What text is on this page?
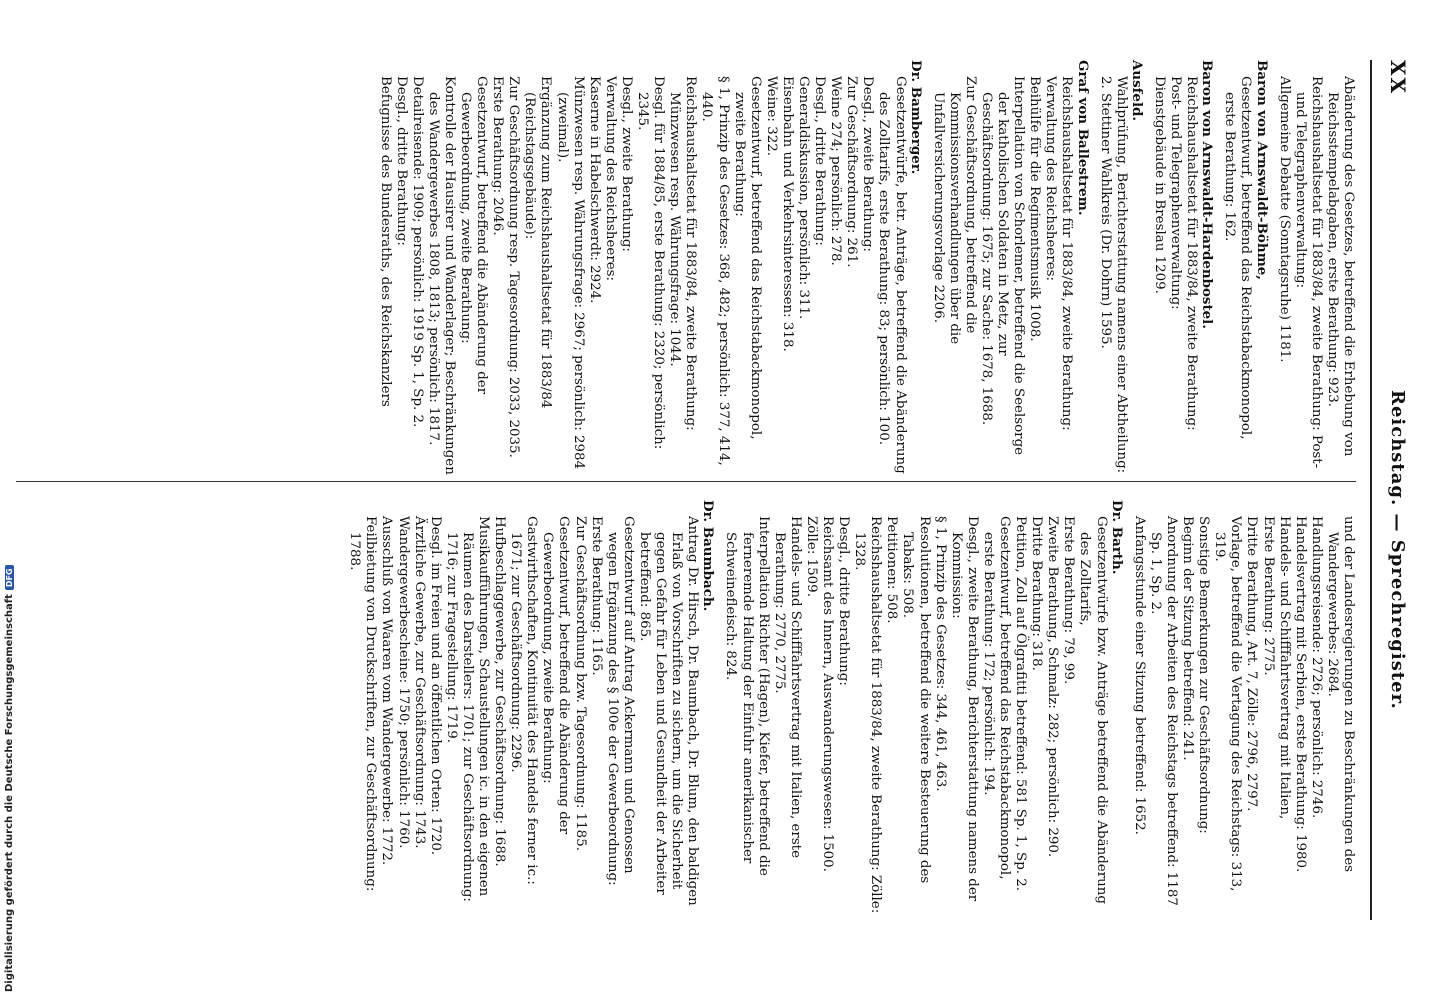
XX
Reichstag. — Sprechregister.
Abänderung des Gesetzes, betreffend die Erhebung von Reichsstempelabgaben, erste Berathung: 923.
Reichshaushaltsetat für 1883/84, zweite Berathung: Post- und Telegraphenverwaltung:
Allgemeine Debatte (Sonntagsruhe) 1181.
Baron von Arnswaldt-Böhme,
Gesetzentwurf, betreffend das Reichstabackmonopol, erste Berathung: 162.
Baron von Arnswaldt-Hardenbostel.
Reichshaushaltsetat für 1883/84, zweite Berathung:
Post- und Telegraphenverwaltung:
Dienstgebäude in Breslau 1209.
Ausfeld.
Wahlprüfung, Berichterstattung namens einer Abtheilung:
2. Stettiner Wahlkreis (Dr. Dohrn) 1595.
Graf von Ballestrem.
Reichshaushaltsetat für 1883/84, zweite Berathung:
Verwaltung des Reichsheeres:
Beihülfe für die Regimentsmusik 1008.
Interpellation von Schorlemer, betreffend die Seelsorge der katholischen Soldaten in Metz, zur Geschäftsordnung: 1675; zur Sache: 1678, 1688.
Zur Geschäftsordnung, betreffend die Kommissionsverhandlungen über die Unfallversicherungsvorlage 2206.
Dr. Bamberger.
Gesetzentwürfe, betr. Anträge, betreffend die Abänderung des Zolltarifs, erste Berathung: 83; persönlich: 100.
Desgl., zweite Berathung:
Zur Geschäftsordnung: 261.
Weine 274; persönlich: 278.
Desgl., dritte Berathung:
Generaldiskussion, persönlich: 311.
Eisenbahn und Verkehrsinteressen: 318.
Weine: 322.
Gesetzentwurf, betreffend das Reichstabackmonopol, zweite Berathung:
§ 1, Prinzip des Gesetzes: 368, 482; persönlich: 377, 414, 440.
Reichshaushaltsetat für 1883/84, zweite Berathung: Münzwesen resp. Währungsfrage: 1044.
Desgl. für 1884/85, erste Berathung: 2320; persönlich: 2345.
Desgl., zweite Berathung:
Verwaltung des Reichsheeres:
Kaserne in Habelschwerdt: 2924.
Münzwesen resp. Währungsfrage: 2967; persönlich: 2984 (zweimal).
Ergänzung zum Reichshaushaltsetat für 1883/84 (Reichstagsgebäude):
Zur Geschäftsordnung resp. Tagesordnung: 2033, 2035.
Erste Berathung: 2046.
Gesetzentwurf, betreffend die Abänderung der Gewerbeordnung, zweite Berathung:
Kontrolle der Hausirer und Wanderlager; Beschränkungen des Wandergewerbes 1808, 1813; persönlich: 1817.
Detailreisende: 1909; persönlich: 1919 Sp. 1, Sp. 2.
Desgl., dritte Berathung:
Befugnisse des Bundesraths, des Reichskanzlers
und der Landesregierungen zu Beschränkungen des Wandergewerbes: 2684.
Handlungsreisende: 2726; persönlich: 2746.
Handelsvertrag mit Serbien, erste Berathung: 1980.
Handels- und Schifffahrtsvertrag mit Italien,
Erste Berathung: 2775.
Dritte Berathung, Art. 7, Zölle: 2796, 2797.
Vorlage, betreffend die Vertagung des Reichstags: 313, 319.
Sonstige Bemerkungen zur Geschäftsordnung:
Beginn der Sitzung betreffend: 241.
Anordnung der Arbeiten des Reichstags betreffend: 1187 Sp. 1, Sp. 2.
Anfangsstunde einer Sitzung betreffend: 1652.
Dr. Barth.
Gesetzentwürfe bzw. Anträge betreffend die Abänderung des Zolltarifs,
Erste Berathung: 79, 99.
Zweite Berathung, Schmalz: 282; persönlich: 290.
Dritte Berathung: 318.
Petition, Zoll auf Ölgrafitti betreffend: 581 Sp. 1, Sp. 2.
Gesetzentwurf, betreffend das Reichstabackmonopol, erste Berathung: 172; persönlich: 194.
Desgl., zweite Berathung, Berichterstattung namens der Kommission:
§ 1, Prinzip des Gesetzes: 344, 461, 463.
Resolutionen, betreffend die weitere Besteuerung des Tabaks: 508.
Petitionen: 508.
Reichshaushaltsetat für 1883/84, zweite Berathung: Zölle: 1328.
Desgl., dritte Berathung:
Reichsamt des Innern, Auswanderungswesen: 1500.
Zölle: 1509.
Handels- und Schifffahrtsvertrag mit Italien, erste Berathung: 2770, 2775.
Interpellation Richter (Hagen), Kiefer, betreffend die ferneremde Haltung der Einfuhr amerikanischer Schweinefleisch: 824.
Dr. Baumbach.
Antrag Dr. Hirsch, Dr. Baumbach, Dr. Blum, den baldigen Erlaß von Vorschriften zu sichern, um die Sicherheit gegen Gefahr für Leben und Gesundheit der Arbeiter betreffend: 865.
Gesetzentwurf auf Antrag Ackermann und Genossen wegen Ergänzung des § 100e der Gewerbeordnung:
Erste Berathung: 1165.
Zur Geschäftsordnung bzw. Tagesordnung: 1185.
Gesetzentwurf, betreffend die Abänderung der Gewerbeordnung, zweite Berathung:
Gastwirthschaften, Kontinuität des Handels ferner ic.: 1671; zur Geschäftsordnung: 2296.
Hufbeschlaggewerbe, zur Geschäftsordnung: 1688.
Musikaufführungen, Schaustellungen ic. in den eigenen Räumen des Darstellers: 1701; zur Geschäftsordnung: 1716; zur Fragestellung: 1719.
Desgl. im Freien und an öffentlichen Orten: 1720.
Ärztliche Gewerbe, zur Geschäftsordnung: 1743.
Wandergewerbescheine: 1750; persönlich: 1760.
Ausschluß von Waaren vom Wandergewerbe: 1772.
Feilbietung von Druckschriften, zur Geschäftsordnung: 1788.
Digitalisierung gefördert durch die Deutsche ForschungsgemeinschaftDFG
